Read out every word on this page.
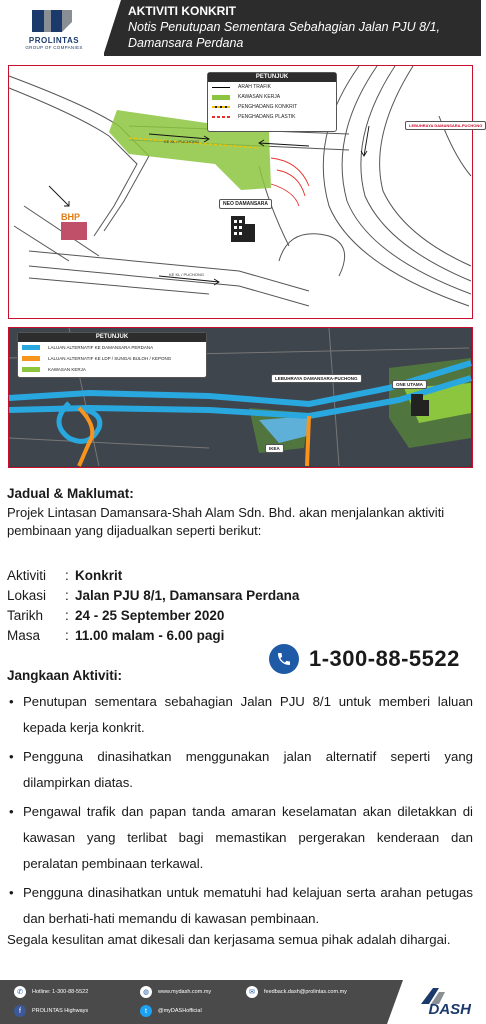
PROLINTAS
GROUP OF COMPANIES
AKTIVITI KONKRIT
Notis Penutupan Sementara Sebahagian Jalan PJU 8/1, Damansara Perdana
BHP
PETUNJUK
ARAH TRAFIK
KAWASAN KERJA
PENGHADANG KONKRIT
PENGHADANG PLASTIK
NEO DAMANSARA
LEBUHRAYA DAMANSARA-PUCHONG
KE KL / PUCHONG
KE KL / PUCHONG
PETUNJUK
LALUAN ALTERNATIF KE DAMANSARA PERDANA
LALUAN ALTERNATIF KE LDP / SUNGAI BULOH / KEPONG
KAWASAN KERJA
LEBUHRAYA DAMANSARA-PUCHONG
ONE UTAMA
IKEA
Jadual & Maklumat:

Projek Lintasan Damansara-Shah Alam Sdn. Bhd. akan menjalankan aktiviti pembinaan yang dijadualkan seperti berikut:

Aktiviti	: Konkrit
Lokasi	: Jalan PJU 8/1, Damansara Perdana
Tarikh	: 24 - 25 September 2020
Masa	: 11.00 malam - 6.00 pagi
1-300-88-5522
Jangkaan Aktiviti:
• Penutupan sementara sebahagian Jalan PJU 8/1 untuk memberi laluan kepada kerja konkrit.
• Pengguna dinasihatkan menggunakan jalan alternatif seperti yang dilampirkan diatas.
• Pengawal trafik dan papan tanda amaran keselamatan akan diletakkan di kawasan yang terlibat bagi memastikan pergerakan kenderaan dan peralatan pembinaan terkawal.
• Pengguna dinasihatkan untuk mematuhi had kelajuan serta arahan petugas dan berhati-hati memandu di kawasan pembinaan.
Segala kesulitan amat dikesali dan kerjasama semua pihak adalah dihargai.
✆	Hotline: 1-300-88-5522	◍	www.mydash.com.my	✉	feedback.dash@prolintas.com.my
f	PROLINTAS Highways	t	@myDASHofficial	DASH
